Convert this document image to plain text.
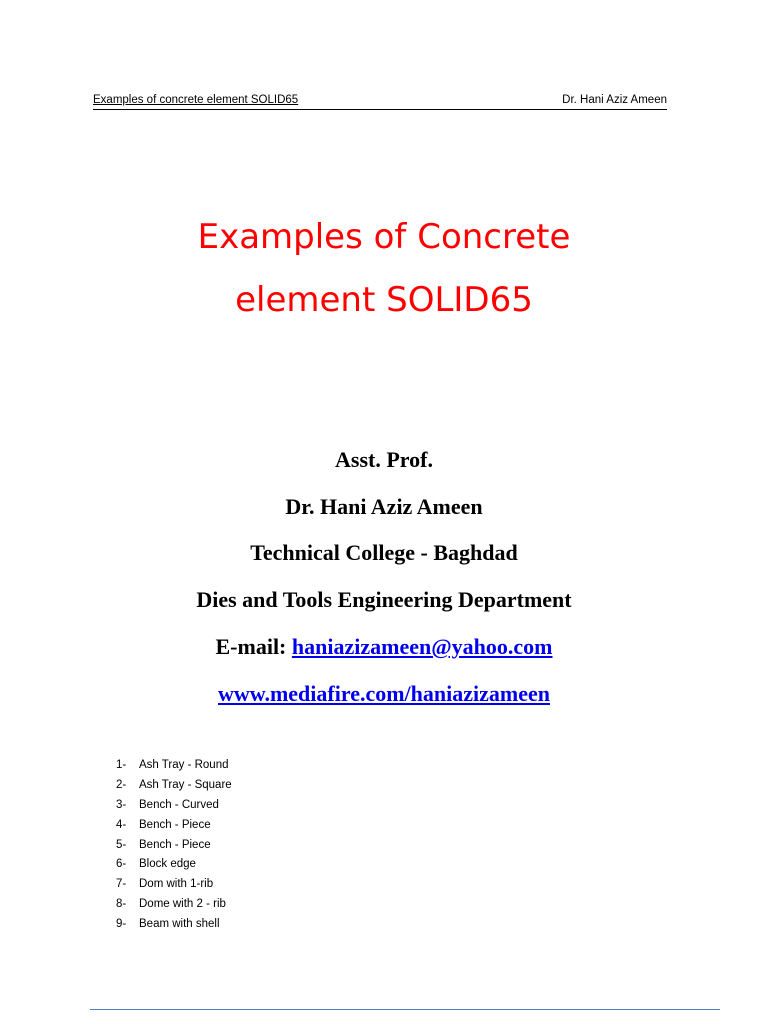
Examples of concrete element SOLID65	Dr. Hani Aziz Ameen
Examples of Concrete
element SOLID65
Asst. Prof.
Dr. Hani Aziz Ameen
Technical College - Baghdad
Dies and Tools Engineering Department
E-mail: haniazizameen@yahoo.com
www.mediafire.com/haniazizameen
1- Ash Tray - Round
2- Ash Tray - Square
3- Bench - Curved
4- Bench - Piece
5- Bench - Piece
6- Block edge
7- Dom with 1-rib
8- Dome with 2 - rib
9- Beam with shell
